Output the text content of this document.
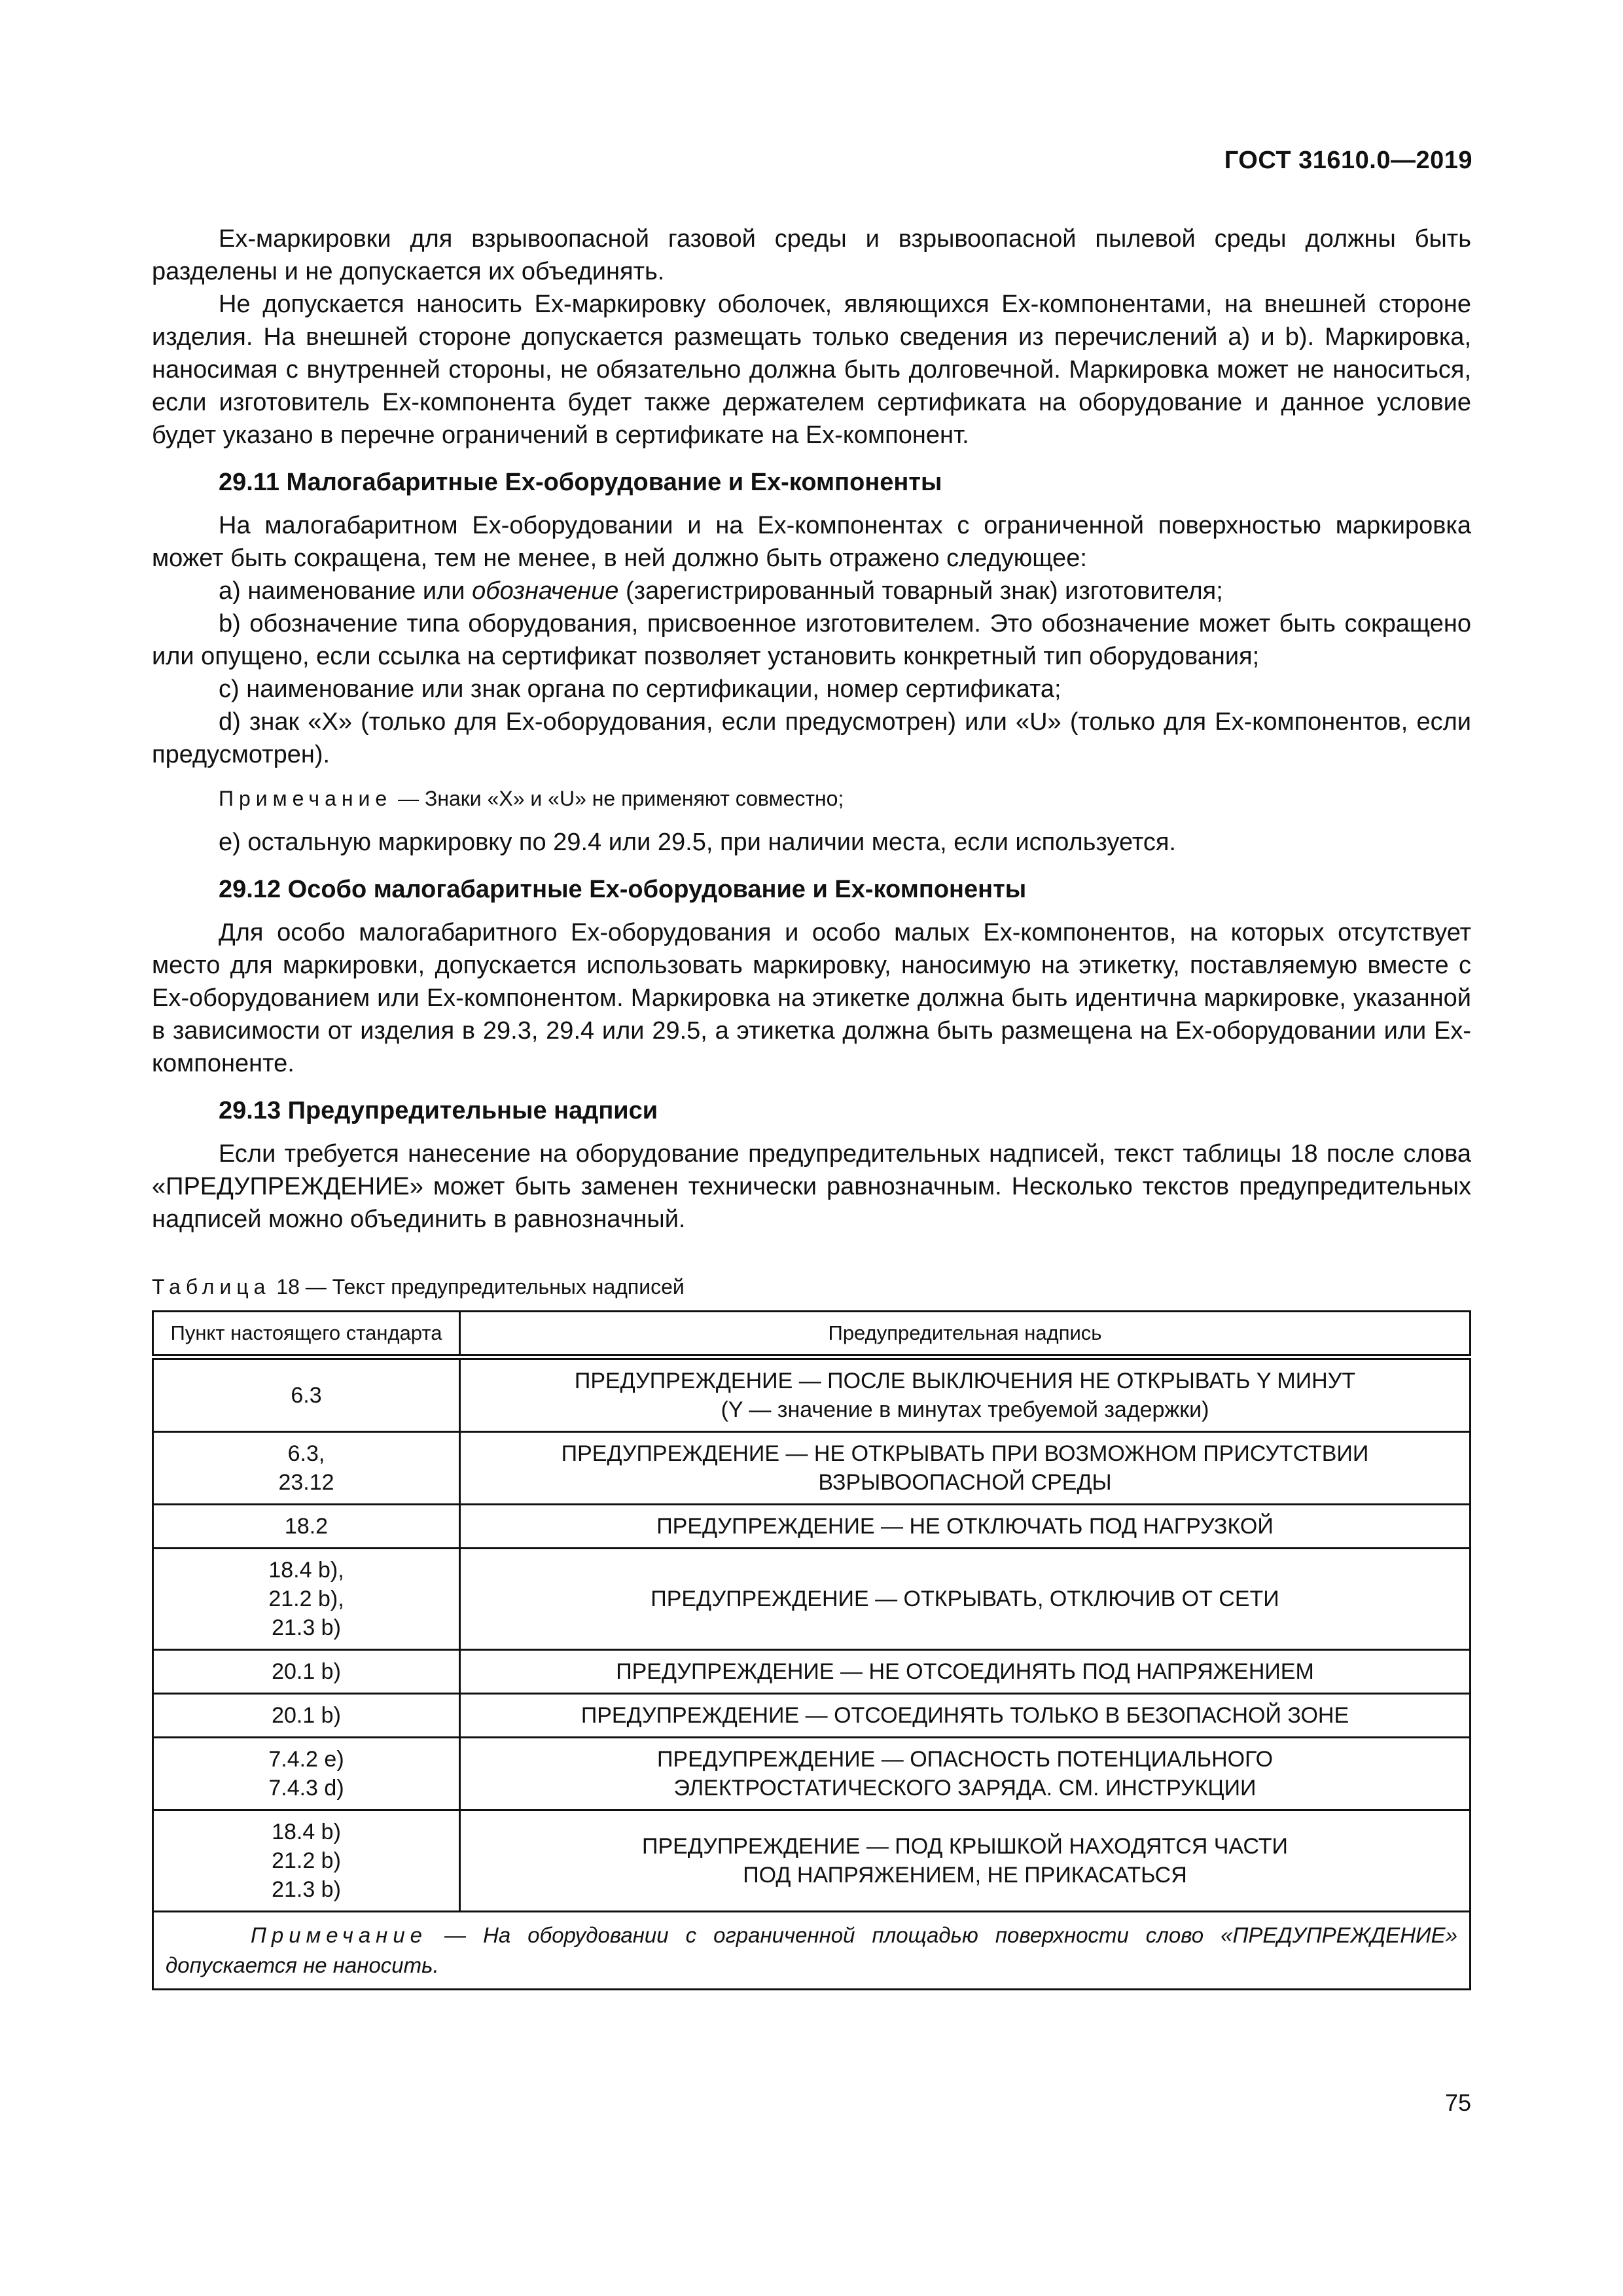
ГОСТ 31610.0—2019

Ex-маркировки для взрывоопасной газовой среды и взрывоопасной пылевой среды должны быть разделены и не допускается их объединять.

Не допускается наносить Ex-маркировку оболочек, являющихся Ex-компонентами, на внешней стороне изделия. На внешней стороне допускается размещать только сведения из перечислений а) и b). Маркировка, наносимая с внутренней стороны, не обязательно должна быть долговечной. Маркировка может не наноситься, если изготовитель Ex-компонента будет также держателем сертификата на оборудование и данное условие будет указано в перечне ограничений в сертификате на Ex-компонент.

29.11 Малогабаритные Ex-оборудование и Ex-компоненты

На малогабаритном Ex-оборудовании и на Ex-компонентах с ограниченной поверхностью маркировка может быть сокращена, тем не менее, в ней должно быть отражено следующее:

a) наименование или обозначение (зарегистрированный товарный знак) изготовителя;

b) обозначение типа оборудования, присвоенное изготовителем. Это обозначение может быть сокращено или опущено, если ссылка на сертификат позволяет установить конкретный тип оборудования;

c) наименование или знак органа по сертификации, номер сертификата;

d) знак «X» (только для Ex-оборудования, если предусмотрен) или «U» (только для Ex-компонентов, если предусмотрен).

Примечание — Знаки «X» и «U» не применяют совместно;

e) остальную маркировку по 29.4 или 29.5, при наличии места, если используется.

29.12 Особо малогабаритные Ex-оборудование и Ex-компоненты

Для особо малогабаритного Ex-оборудования и особо малых Ex-компонентов, на которых отсутствует место для маркировки, допускается использовать маркировку, наносимую на этикетку, поставляемую вместе с Ex-оборудованием или Ex-компонентом. Маркировка на этикетке должна быть идентична маркировке, указанной в зависимости от изделия в 29.3, 29.4 или 29.5, а этикетка должна быть размещена на Ex-оборудовании или Ex-компоненте.

29.13 Предупредительные надписи

Если требуется нанесение на оборудование предупредительных надписей, текст таблицы 18 после слова «ПРЕДУПРЕЖДЕНИЕ» может быть заменен технически равнозначным. Несколько текстов предупредительных надписей можно объединить в равнозначный.

Таблица 18 — Текст предупредительных надписей
Пункт настоящего стандарта	Предупредительная надпись
6.3	ПРЕДУПРЕЖДЕНИЕ — ПОСЛЕ ВЫКЛЮЧЕНИЯ НЕ ОТКРЫВАТЬ Y МИНУТ
(Y — значение в минутах требуемой задержки)
6.3,
23.12	ПРЕДУПРЕЖДЕНИЕ — НЕ ОТКРЫВАТЬ ПРИ ВОЗМОЖНОМ ПРИСУТСТВИИ
ВЗРЫВООПАСНОЙ СРЕДЫ
18.2	ПРЕДУПРЕЖДЕНИЕ — НЕ ОТКЛЮЧАТЬ ПОД НАГРУЗКОЙ
18.4 b),
21.2 b),
21.3 b)	ПРЕДУПРЕЖДЕНИЕ — ОТКРЫВАТЬ, ОТКЛЮЧИВ ОТ СЕТИ
20.1 b)	ПРЕДУПРЕЖДЕНИЕ — НЕ ОТСОЕДИНЯТЬ ПОД НАПРЯЖЕНИЕМ
20.1 b)	ПРЕДУПРЕЖДЕНИЕ — ОТСОЕДИНЯТЬ ТОЛЬКО В БЕЗОПАСНОЙ ЗОНЕ
7.4.2 e)
7.4.3 d)	ПРЕДУПРЕЖДЕНИЕ — ОПАСНОСТЬ ПОТЕНЦИАЛЬНОГО
ЭЛЕКТРОСТАТИЧЕСКОГО ЗАРЯДА. СМ. ИНСТРУКЦИИ
18.4 b)
21.2 b)
21.3 b)	ПРЕДУПРЕЖДЕНИЕ — ПОД КРЫШКОЙ НАХОДЯТСЯ ЧАСТИ
ПОД НАПРЯЖЕНИЕМ, НЕ ПРИКАСАТЬСЯ
Примечание — На оборудовании с ограниченной площадью поверхности слово «ПРЕДУПРЕЖДЕНИЕ» допускается не наносить.	
75
